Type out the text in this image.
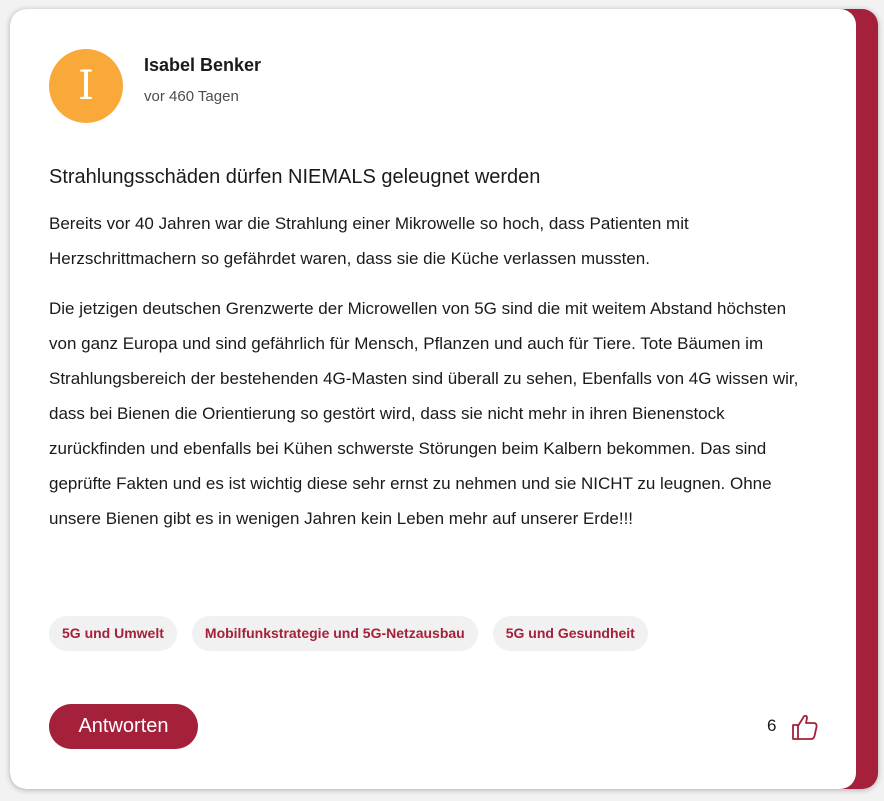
I	Isabel Benker
vor 460 Tagen
Strahlungsschäden dürfen NIEMALS geleugnet werden

Bereits vor 40 Jahren war die Strahlung einer Mikrowelle so hoch, dass Patienten mit Herzschrittmachern so gefährdet waren, dass sie die Küche verlassen mussten.

Die jetzigen deutschen Grenzwerte der Microwellen von 5G sind die mit weitem Abstand höchsten von ganz Europa und sind gefährlich für Mensch, Pflanzen und auch für Tiere. Tote Bäumen im Strahlungsbereich der bestehenden 4G-Masten sind überall zu sehen, Ebenfalls von 4G wissen wir, dass bei Bienen die Orientierung so gestört wird, dass sie nicht mehr in ihren Bienenstock zurückfinden und ebenfalls bei Kühen schwerste Störungen beim Kalbern bekommen. Das sind geprüfte Fakten und es ist wichtig diese sehr ernst zu nehmen und sie NICHT zu leugnen. Ohne unsere Bienen gibt es in wenigen Jahren kein Leben mehr auf unserer Erde!!!

5G und Umwelt	Mobilfunkstrategie und 5G-Netzausbau	5G und Gesundheit
Antworten	6
